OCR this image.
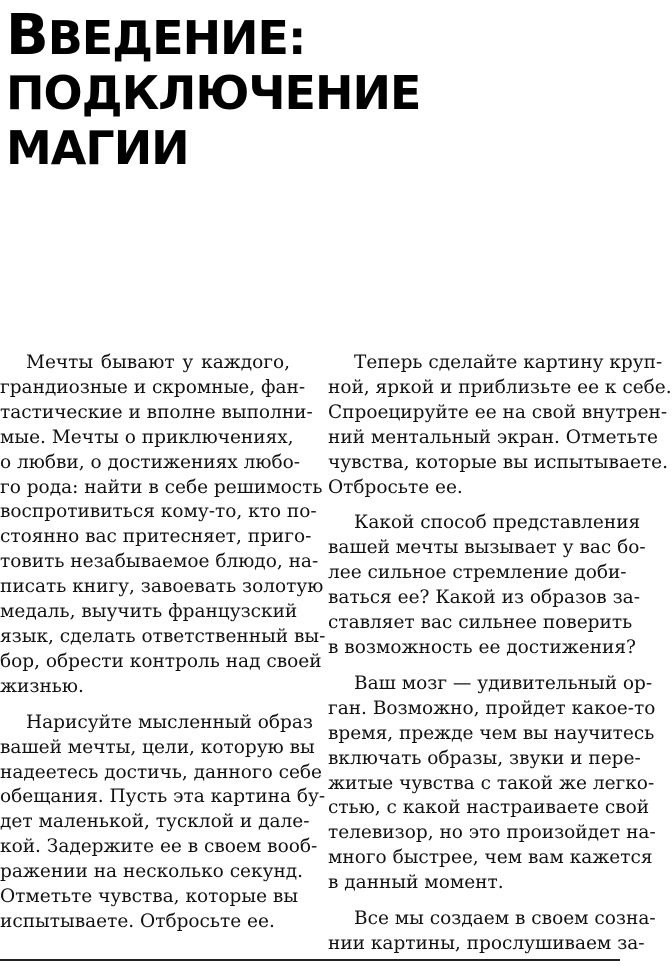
ВВЕДЕНИЕ:
ПОДКЛЮЧЕНИЕ
МАГИИ
Мечты бывают у каждого,
грандиозные и скромные, фан-
тастические и вполне выполни-
мые. Мечты о приключениях,
о любви, о достижениях любо-
го рода: найти в себе решимость
воспротивиться кому-то, кто по-
стоянно вас притесняет, приго-
товить незабываемое блюдо, на-
писать книгу, завоевать золотую
медаль, выучить французский
язык, сделать ответственный вы-
бор, обрести контроль над своей
жизнью.
Нарисуйте мысленный образ
вашей мечты, цели, которую вы
надеетесь достичь, данного себе
обещания. Пусть эта картина бу-
дет маленькой, тусклой и дале-
кой. Задержите ее в своем вооб-
ражении на несколько секунд.
Отметьте чувства, которые вы
испытываете. Отбросьте ее.
Теперь сделайте картину круп-
ной, яркой и приблизьте ее к себе.
Спроецируйте ее на свой внутрен-
ний ментальный экран. Отметьте
чувства, которые вы испытываете.
Отбросьте ее.
Какой способ представления
вашей мечты вызывает у вас бо-
лее сильное стремление доби-
ваться ее? Какой из образов за-
ставляет вас сильнее поверить
в возможность ее достижения?
Ваш мозг — удивительный ор-
ган. Возможно, пройдет какое-то
время, прежде чем вы научитесь
включать образы, звуки и пере-
житые чувства с такой же легко-
стью, с какой настраиваете свой
телевизор, но это произойдет на-
много быстрее, чем вам кажется
в данный момент.
Все мы создаем в своем созна-
нии картины, прослушиваем за-
